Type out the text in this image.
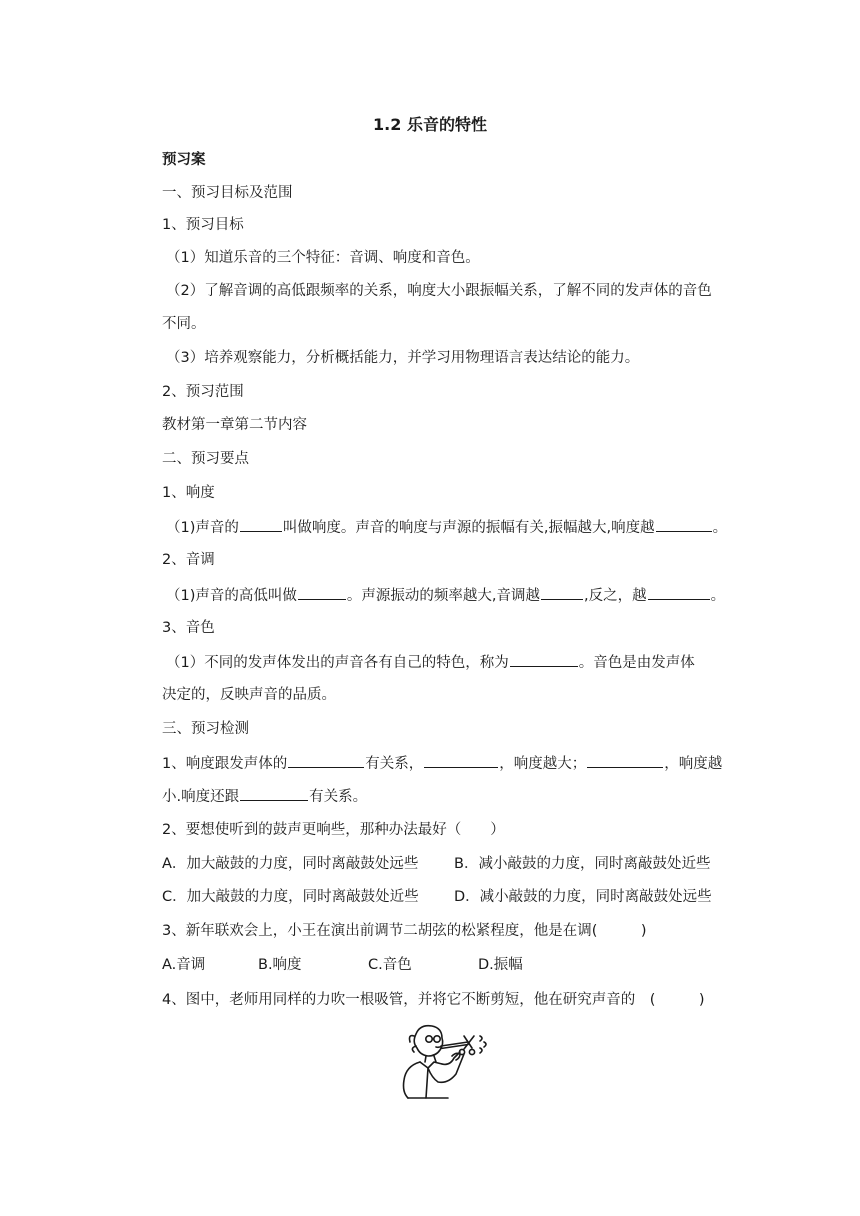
1.2 乐音的特性
预习案
一、预习目标及范围
1、预习目标
（1）知道乐音的三个特征：音调、响度和音色。
（2）了解音调的高低跟频率的关系，响度大小跟振幅关系，了解不同的发声体的音色
不同。
（3）培养观察能力，分析概括能力，并学习用物理语言表达结论的能力。
2、预习范围
教材第一章第二节内容
二、预习要点
1、响度
（1)声音的	叫做响度。声音的响度与声源的振幅有关,振幅越大,响度越	。
2、音调
（1)声音的高低叫做	。声源振动的频率越大,音调越	,反之，越	。
3、音色
（1）不同的发声体发出的声音各有自己的特色，称为	。音色是由发声体
决定的，反映声音的品质。
三、预习检测
1、响度跟发声体的	有关系，	，响度越大；	，响度越
小.响度还跟	有关系。
2、要想使听到的鼓声更响些，那种办法最好（　　）
A．加大敲鼓的力度，同时离敲鼓处远些 B．减小敲鼓的力度，同时离敲鼓处近些
C．加大敲鼓的力度，同时离敲鼓处近些 D．减小敲鼓的力度，同时离敲鼓处远些
3、新年联欢会上，小王在演出前调节二胡弦的松紧程度，他是在调(　　　)
A.音调	B.响度	C.音色	D.振幅
4、图中，老师用同样的力吹一根吸管，并将它不断剪短，他在研究声音的　(　　　)
